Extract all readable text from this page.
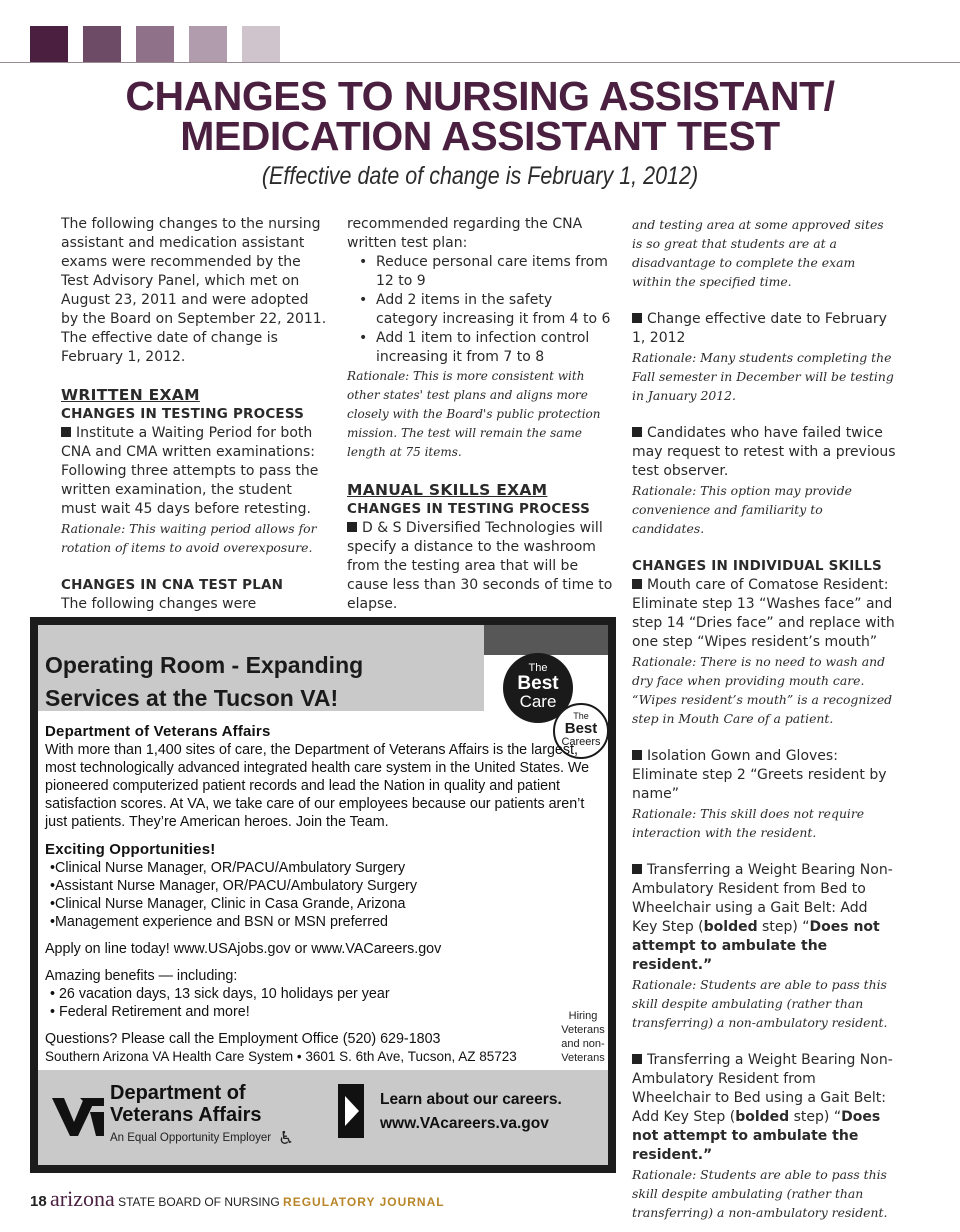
CHANGES TO NURSING ASSISTANT/
MEDICATION ASSISTANT TEST
(Effective date of change is February 1, 2012)

The following changes to the nursing assistant and medication assistant exams were recommended by the Test Advisory Panel, which met on August 23, 2011 and were adopted by the Board on September 22, 2011. The effective date of change is February 1, 2012.

WRITTEN EXAM

CHANGES IN TESTING PROCESS

Institute a Waiting Period for both CNA and CMA written examinations: Following three attempts to pass the written examination, the student must wait 45 days before retesting.

Rationale: This waiting period allows for rotation of items to avoid overexposure.

CHANGES IN CNA TEST PLAN

The following changes were

recommended regarding the CNA written test plan:

• Reduce personal care items from 12 to 9
• Add 2 items in the safety category increasing it from 4 to 6
• Add 1 item to infection control increasing it from 7 to 8

Rationale: This is more consistent with other states' test plans and aligns more closely with the Board's public protection mission. The test will remain the same length at 75 items.

MANUAL SKILLS EXAM

CHANGES IN TESTING PROCESS

D & S Diversified Technologies will specify a distance to the washroom from the testing area that will be cause less than 30 seconds of time to elapse.

and testing area at some approved sites is so great that students are at a disadvantage to complete the exam within the specified time.

Change effective date to February 1, 2012

Rationale: Many students completing the Fall semester in December will be testing in January 2012.

Candidates who have failed twice may request to retest with a previous test observer.

Rationale: This option may provide convenience and familiarity to candidates.

CHANGES IN INDIVIDUAL SKILLS

Mouth care of Comatose Resident: Eliminate step 13 “Washes face” and step 14 “Dries face” and replace with one step “Wipes resident’s mouth”

Rationale: There is no need to wash and dry face when providing mouth care. “Wipes resident’s mouth” is a recognized step in Mouth Care of a patient.

Isolation Gown and Gloves: Eliminate step 2 “Greets resident by name”

Rationale: This skill does not require interaction with the resident.

Transferring a Weight Bearing Non-Ambulatory Resident from Bed to Wheelchair using a Gait Belt: Add Key Step (bolded step) “Does not attempt to ambulate the resident.”

Rationale: Students are able to pass this skill despite ambulating (rather than transferring) a non-ambulatory resident.

Transferring a Weight Bearing Non-Ambulatory Resident from Wheelchair to Bed using a Gait Belt: Add Key Step (bolded step) “Does not attempt to ambulate the resident.”

Rationale: Students are able to pass this skill despite ambulating (rather than transferring) a non-ambulatory resident.

Operating Room - Expanding
Services at the Tucson VA!
The
Best
Care
The
Best
Careers
Department of Veterans Affairs
With more than 1,400 sites of care, the Department of Veterans Affairs is the largest, most technologically advanced integrated health care system in the United States. We pioneered computerized patient records and lead the Nation in quality and patient satisfaction scores. At VA, we take care of our employees because our patients aren’t just patients. They’re American heroes. Join the Team.
Exciting Opportunities!
•Clinical Nurse Manager, OR/PACU/Ambulatory Surgery
•Assistant Nurse Manager, OR/PACU/Ambulatory Surgery
•Clinical Nurse Manager, Clinic in Casa Grande, Arizona
•Management experience and BSN or MSN preferred
Apply on line today! www.USAjobs.gov or www.VACareers.gov
Amazing benefits — including:
• 26 vacation days, 13 sick days, 10 holidays per year
• Federal Retirement and more!
Questions? Please call the Employment Office (520) 629-1803
Southern Arizona VA Health Care System • 3601 S. 6th Ave, Tucson, AZ 85723
Hiring Veterans and non-Veterans
Department of
Veterans Affairs
An Equal Opportunity Employer ♿
Learn about our careers.
www.VAcareers.va.gov
18 arizona STATE BOARD OF NURSING REGULATORY JOURNAL
